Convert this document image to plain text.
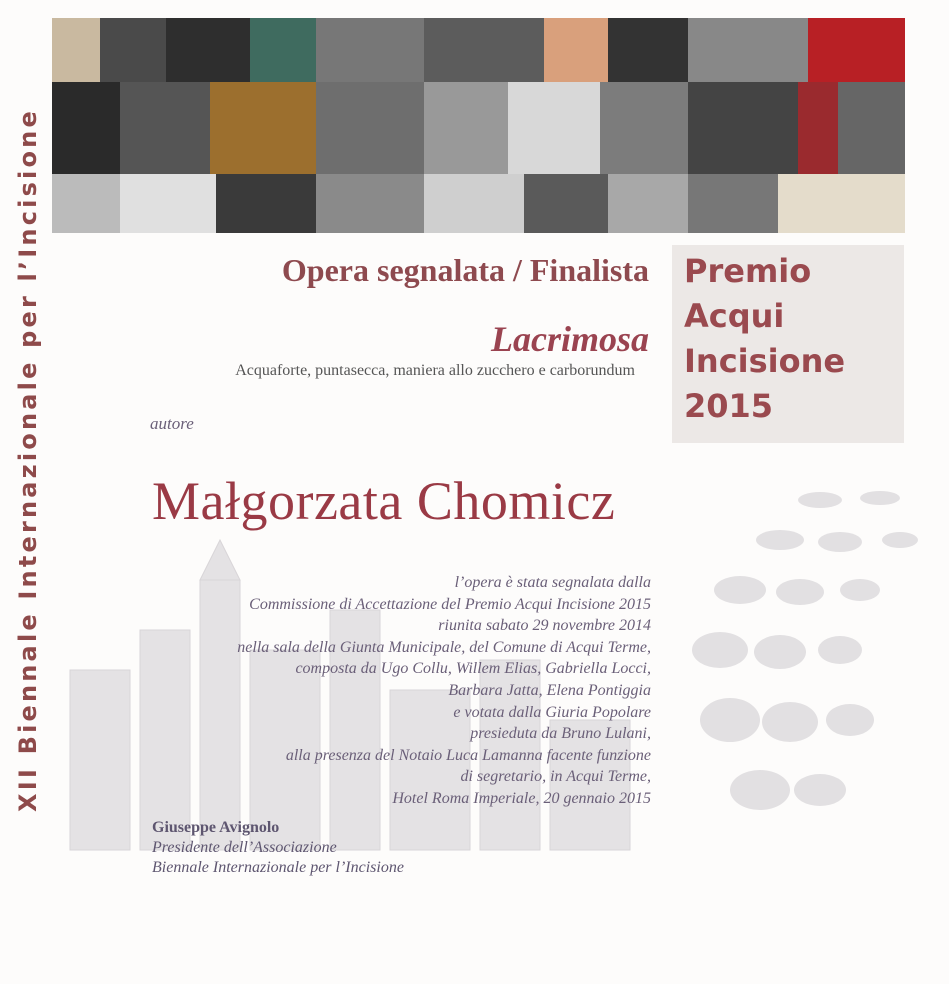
XII Biennale Internazionale per l’Incisione	Premio
Acqui
Incisione
2015
Opera segnalata / Finalista
Lacrimosa
Acquaforte, puntasecca, maniera allo zucchero e carborundum
autore
Małgorzata Chomicz
l’opera è stata segnalata dalla
Commissione di Accettazione del Premio Acqui Incisione 2015
riunita sabato 29 novembre 2014
nella sala della Giunta Municipale, del Comune di Acqui Terme,
composta da Ugo Collu, Willem Elias, Gabriella Locci,
Barbara Jatta, Elena Pontiggia
e votata dalla Giuria Popolare
presieduta da Bruno Lulani,
alla presenza del Notaio Luca Lamanna facente funzione
di segretario, in Acqui Terme,
Hotel Roma Imperiale, 20 gennaio 2015
Giuseppe Avignolo
Presidente dell’Associazione
Biennale Internazionale per l’Incisione
